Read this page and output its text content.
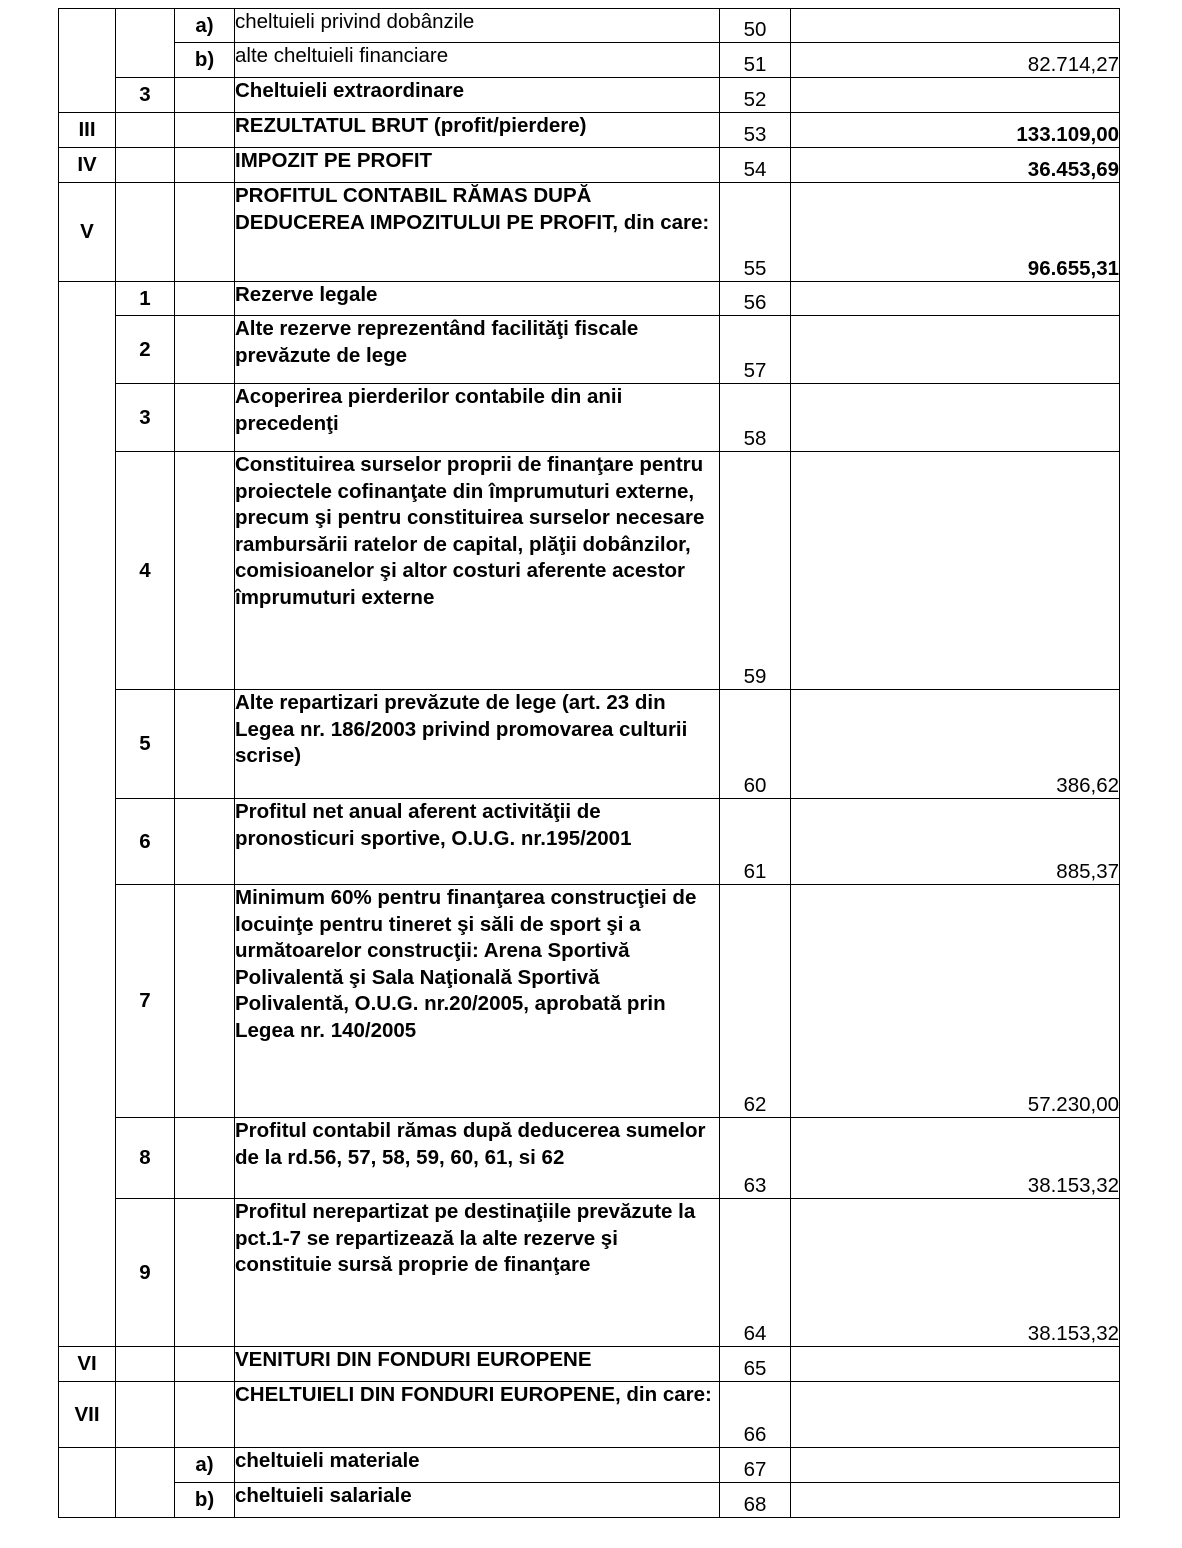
		a)	cheltuieli privind dobânzile	50	
		b)	alte cheltuieli financiare	51	82.714,27
	3		Cheltuieli extraordinare	52	
III			REZULTATUL BRUT (profit/pierdere)	53	133.109,00
IV			IMPOZIT PE PROFIT	54	36.453,69
V			PROFITUL CONTABIL RĂMAS DUPĂ DEDUCEREA IMPOZITULUI PE PROFIT, din care:	55	96.655,31
	1		Rezerve legale	56	
	2		Alte rezerve reprezentând facilităţi fiscale prevăzute de lege	57	
	3		Acoperirea pierderilor contabile din anii precedenţi	58	
	4		Constituirea surselor proprii de finanţare pentru proiectele cofinanţate din împrumuturi externe, precum şi pentru constituirea surselor necesare rambursării ratelor de capital, plăţii dobânzilor, comisioanelor şi altor costuri aferente acestor împrumuturi externe	59	
	5		Alte repartizari prevăzute de lege (art. 23 din Legea nr. 186/2003 privind promovarea culturii scrise)	60	386,62
	6		Profitul net anual aferent activităţii de pronosticuri sportive, O.U.G. nr.195/2001	61	885,37
	7		Minimum 60% pentru finanţarea construcţiei de locuinţe pentru tineret şi săli de sport şi a următoarelor construcţii: Arena Sportivă Polivalentă şi Sala Naţională Sportivă Polivalentă, O.U.G. nr.20/2005, aprobată prin Legea nr. 140/2005	62	57.230,00
	8		Profitul contabil rămas după deducerea sumelor de la rd.56, 57, 58, 59, 60, 61, si 62	63	38.153,32
	9		Profitul nerepartizat pe destinaţiile prevăzute la pct.1-7 se repartizează la alte rezerve şi constituie sursă proprie de finanţare	64	38.153,32
VI			VENITURI DIN FONDURI EUROPENE	65	
VII			CHELTUIELI DIN FONDURI EUROPENE, din care:	66	
		a)	cheltuieli materiale	67	
		b)	cheltuieli salariale	68	
